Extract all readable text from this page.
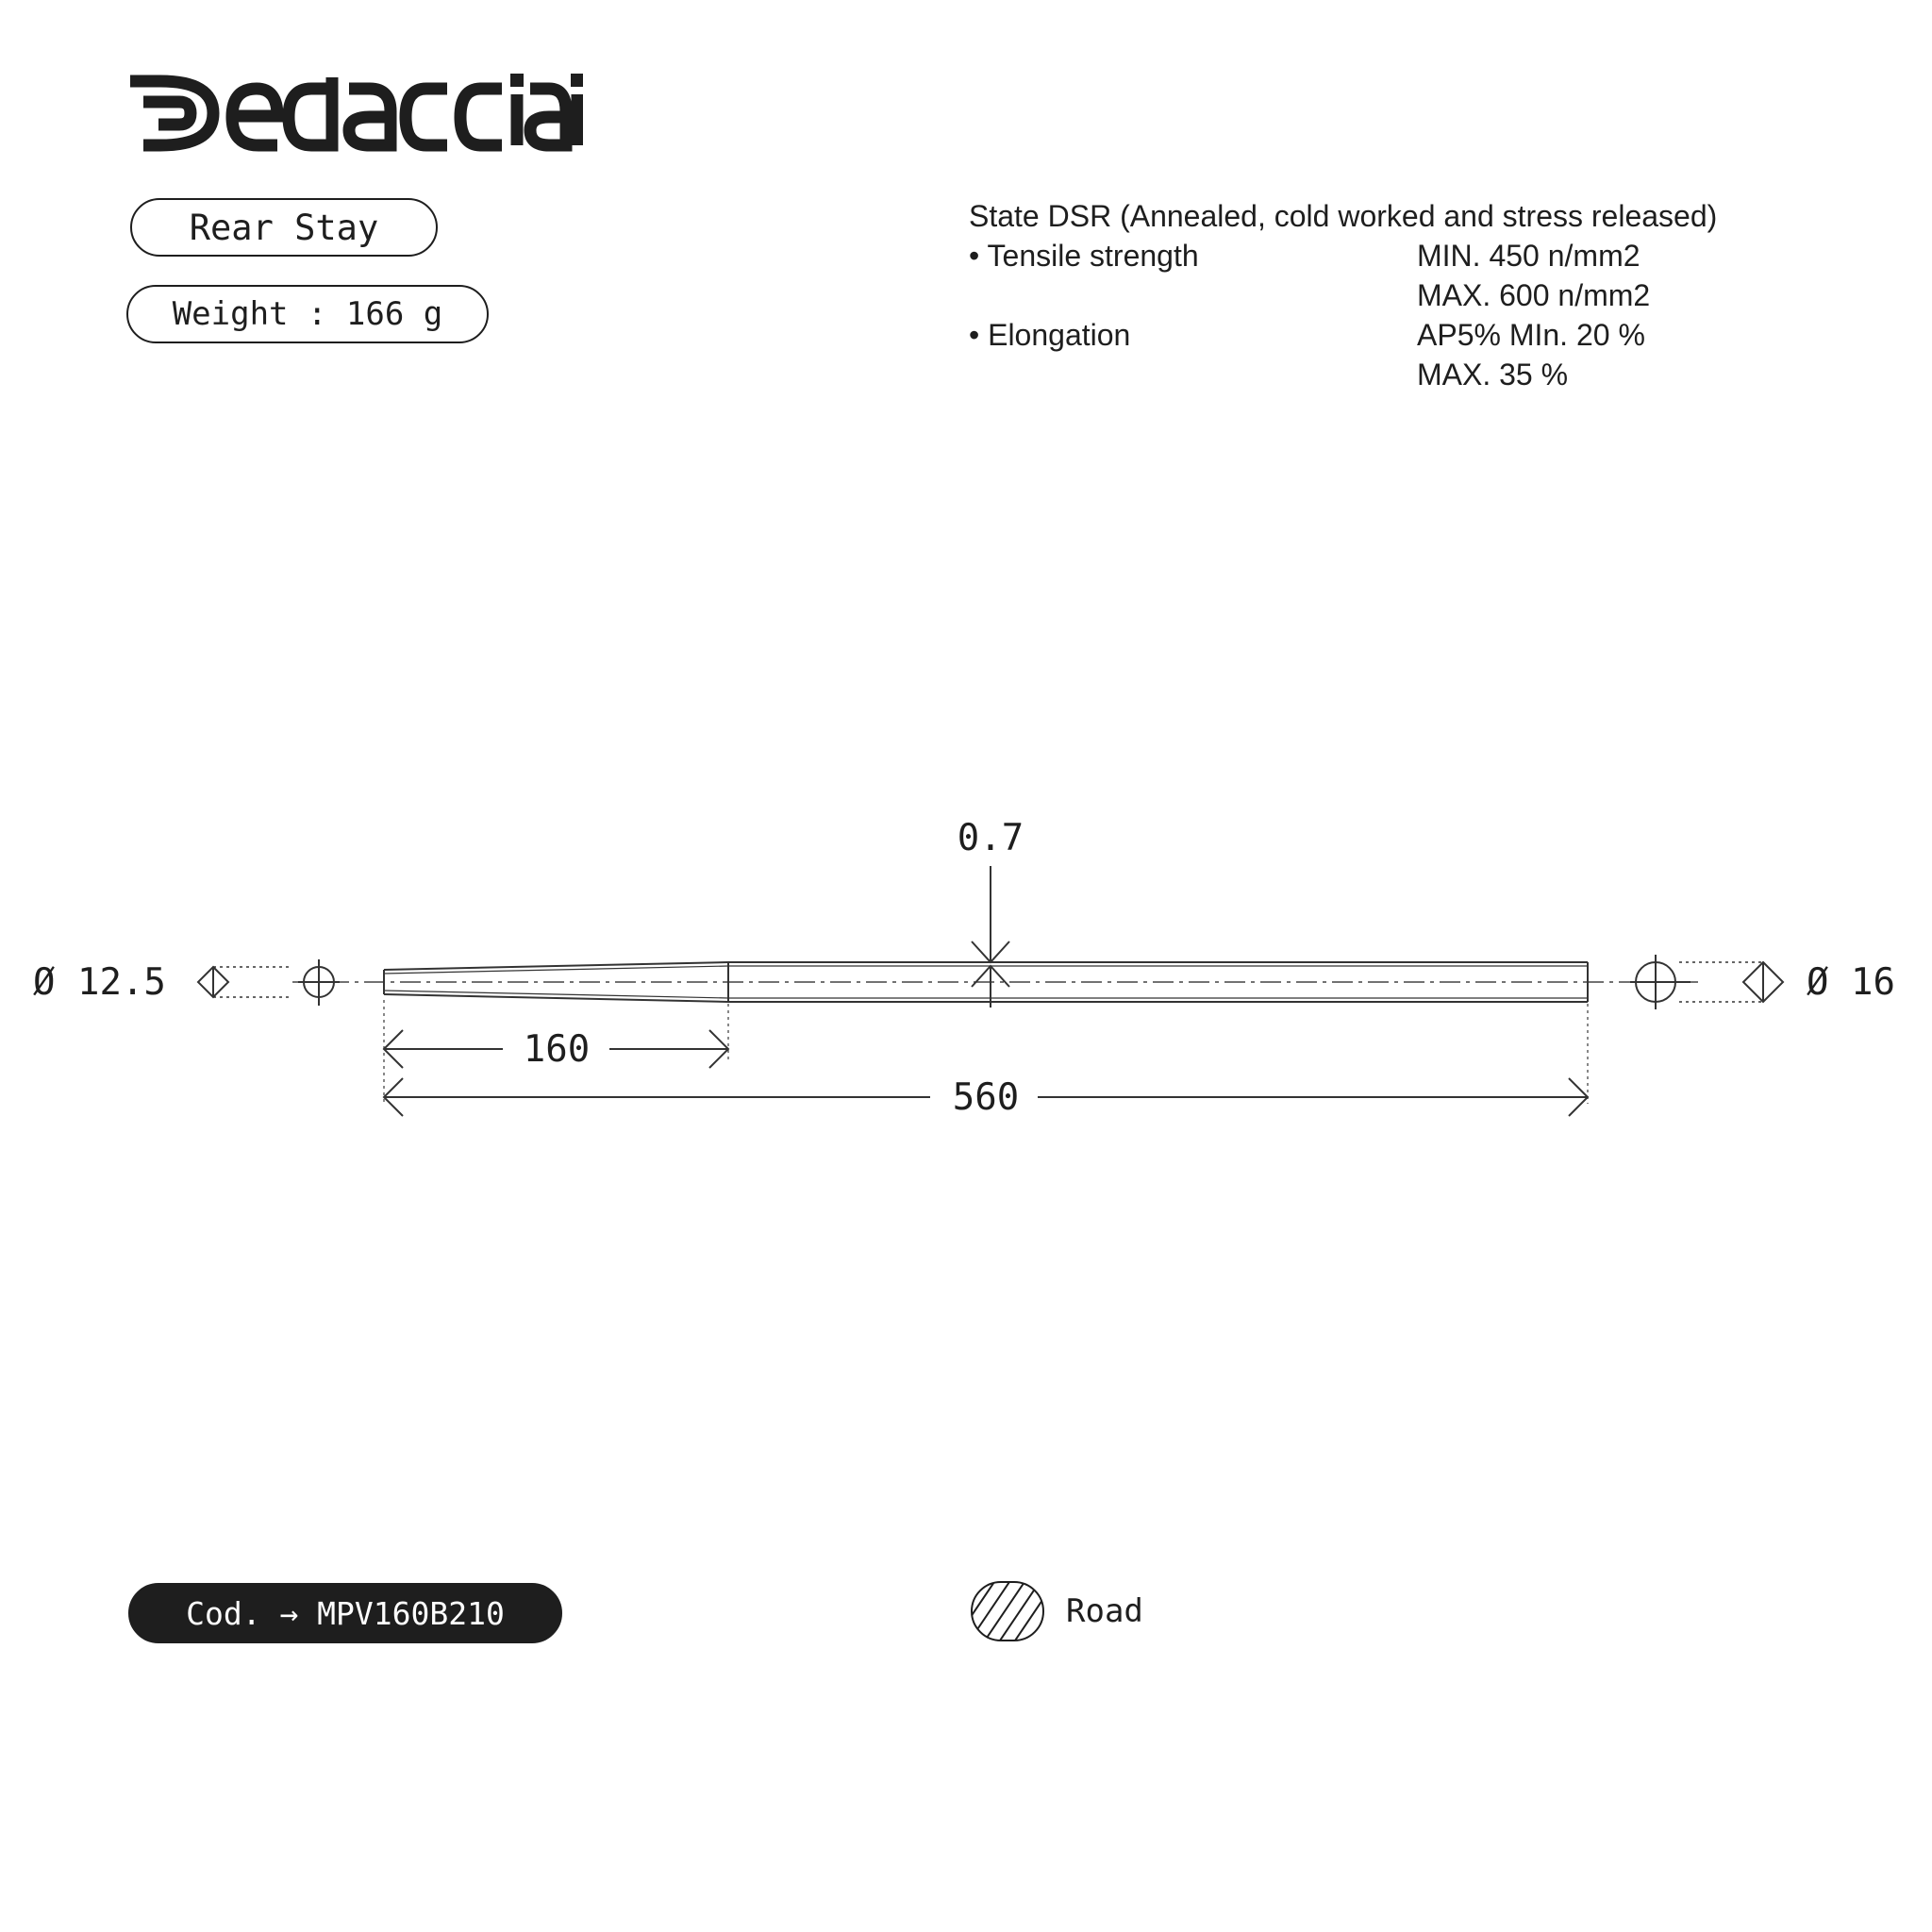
Rear Stay
Weight : 166 g
State DSR (Annealed, cold worked and stress released)
• Tensile strength	MIN. 450 n/mm2
MAX. 600 n/mm2
• Elongation	AP5% MIn. 20 %
MAX. 35 %
0.7
Ø 12.5	Ø 16
160
560
Cod. → MPV160B210	Road
